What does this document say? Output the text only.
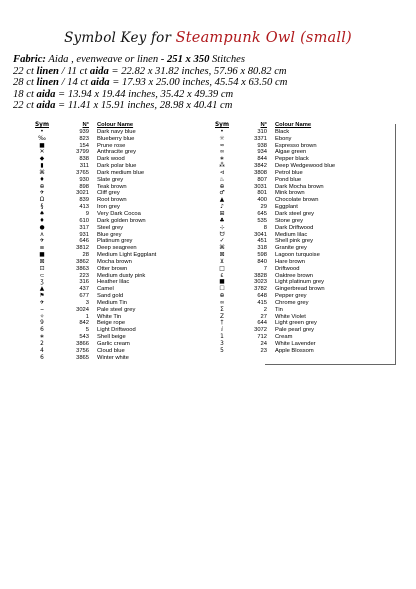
Symbol Key for Steampunk Owl (small)
Fabric: Aida , evenweave or linen - 251 x 350 Stitches
22 ct linen / 11 ct aida = 22.82 x 31.82 inches, 57.96 x 80.82 cm
28 ct linen / 14 ct aida = 17.93 x 25.00 inches, 45.54 x 63.50 cm
18 ct aida = 13.94 x 19.44 inches, 35.42 x 49.39 cm
22 ct aida = 11.41 x 15.91 inches, 28.98 x 40.41 cm
Sym	N°	Colour Name
•	939	Dark navy blue
‰	823	Blueberry blue
■	154	Prune rose
✕	3799	Anthracite grey
◆	838	Dark wood
▮	311	Dark polar blue
⌘	3765	Dark medium blue
♦	930	Slate grey
⊕	898	Teak brown
✈	3021	Cliff grey
Ω	839	Root brown
§	413	Iron grey
♠	9	Very Dark Cocoa
♦	610	Dark golden brown
●	317	Steel grey
ʌ	931	Blue grey
✈	646	Platinum grey
≡	3812	Deep seagreen
■	28	Medium Light Eggplant
⊠	3862	Mocha brown
⊡	3863	Otter brown
⊂	223	Medium dusty pink
ʒ	316	Heather lilac
▲	437	Camel
⚑	677	Sand gold
✈	3	Medium Tin
⌣	3024	Pale steel grey
✧	1	White Tin
9	842	Beige rope
6	5	Light Driftwood
∗	543	Shell beige
2	3866	Garlic cream
4	3756	Cloud blue
6	3865	Winter white
Sym	N°	Colour Name
•	310	Black
☼	3371	Ebony
≈	938	Espresso brown
∞	934	Algae green
∗	844	Pepper black
⁂	3842	Deep Wedgewood blue
⊲	3808	Petrol blue
♨	807	Pond blue
⊕	3031	Dark Mocha brown
♂	801	Mink brown
▲	400	Chocolate brown
♪	29	Eggplant
⊞	645	Dark steel grey
♣	535	Stone grey
⊹	8	Dark Driftwood
ᗢ	3041	Medium lilac
✓	451	Shell pink grey
⌘	318	Granite grey
⊠	598	Lagoon turquoise
⊻	840	Hare brown
□	7	Driftwood
ε	3828	Oaktree brown
■	3023	Light platinum grey
☐	3782	Gingerbread brown
⊕	648	Pepper grey
∞	415	Chrome grey
Σ	2	Tin
Z	27	White Violet
†	644	Light green grey
ⅈ	3072	Pale pearl grey
1	712	Cream
3	24	White Lavender
5	23	Apple Blossom
